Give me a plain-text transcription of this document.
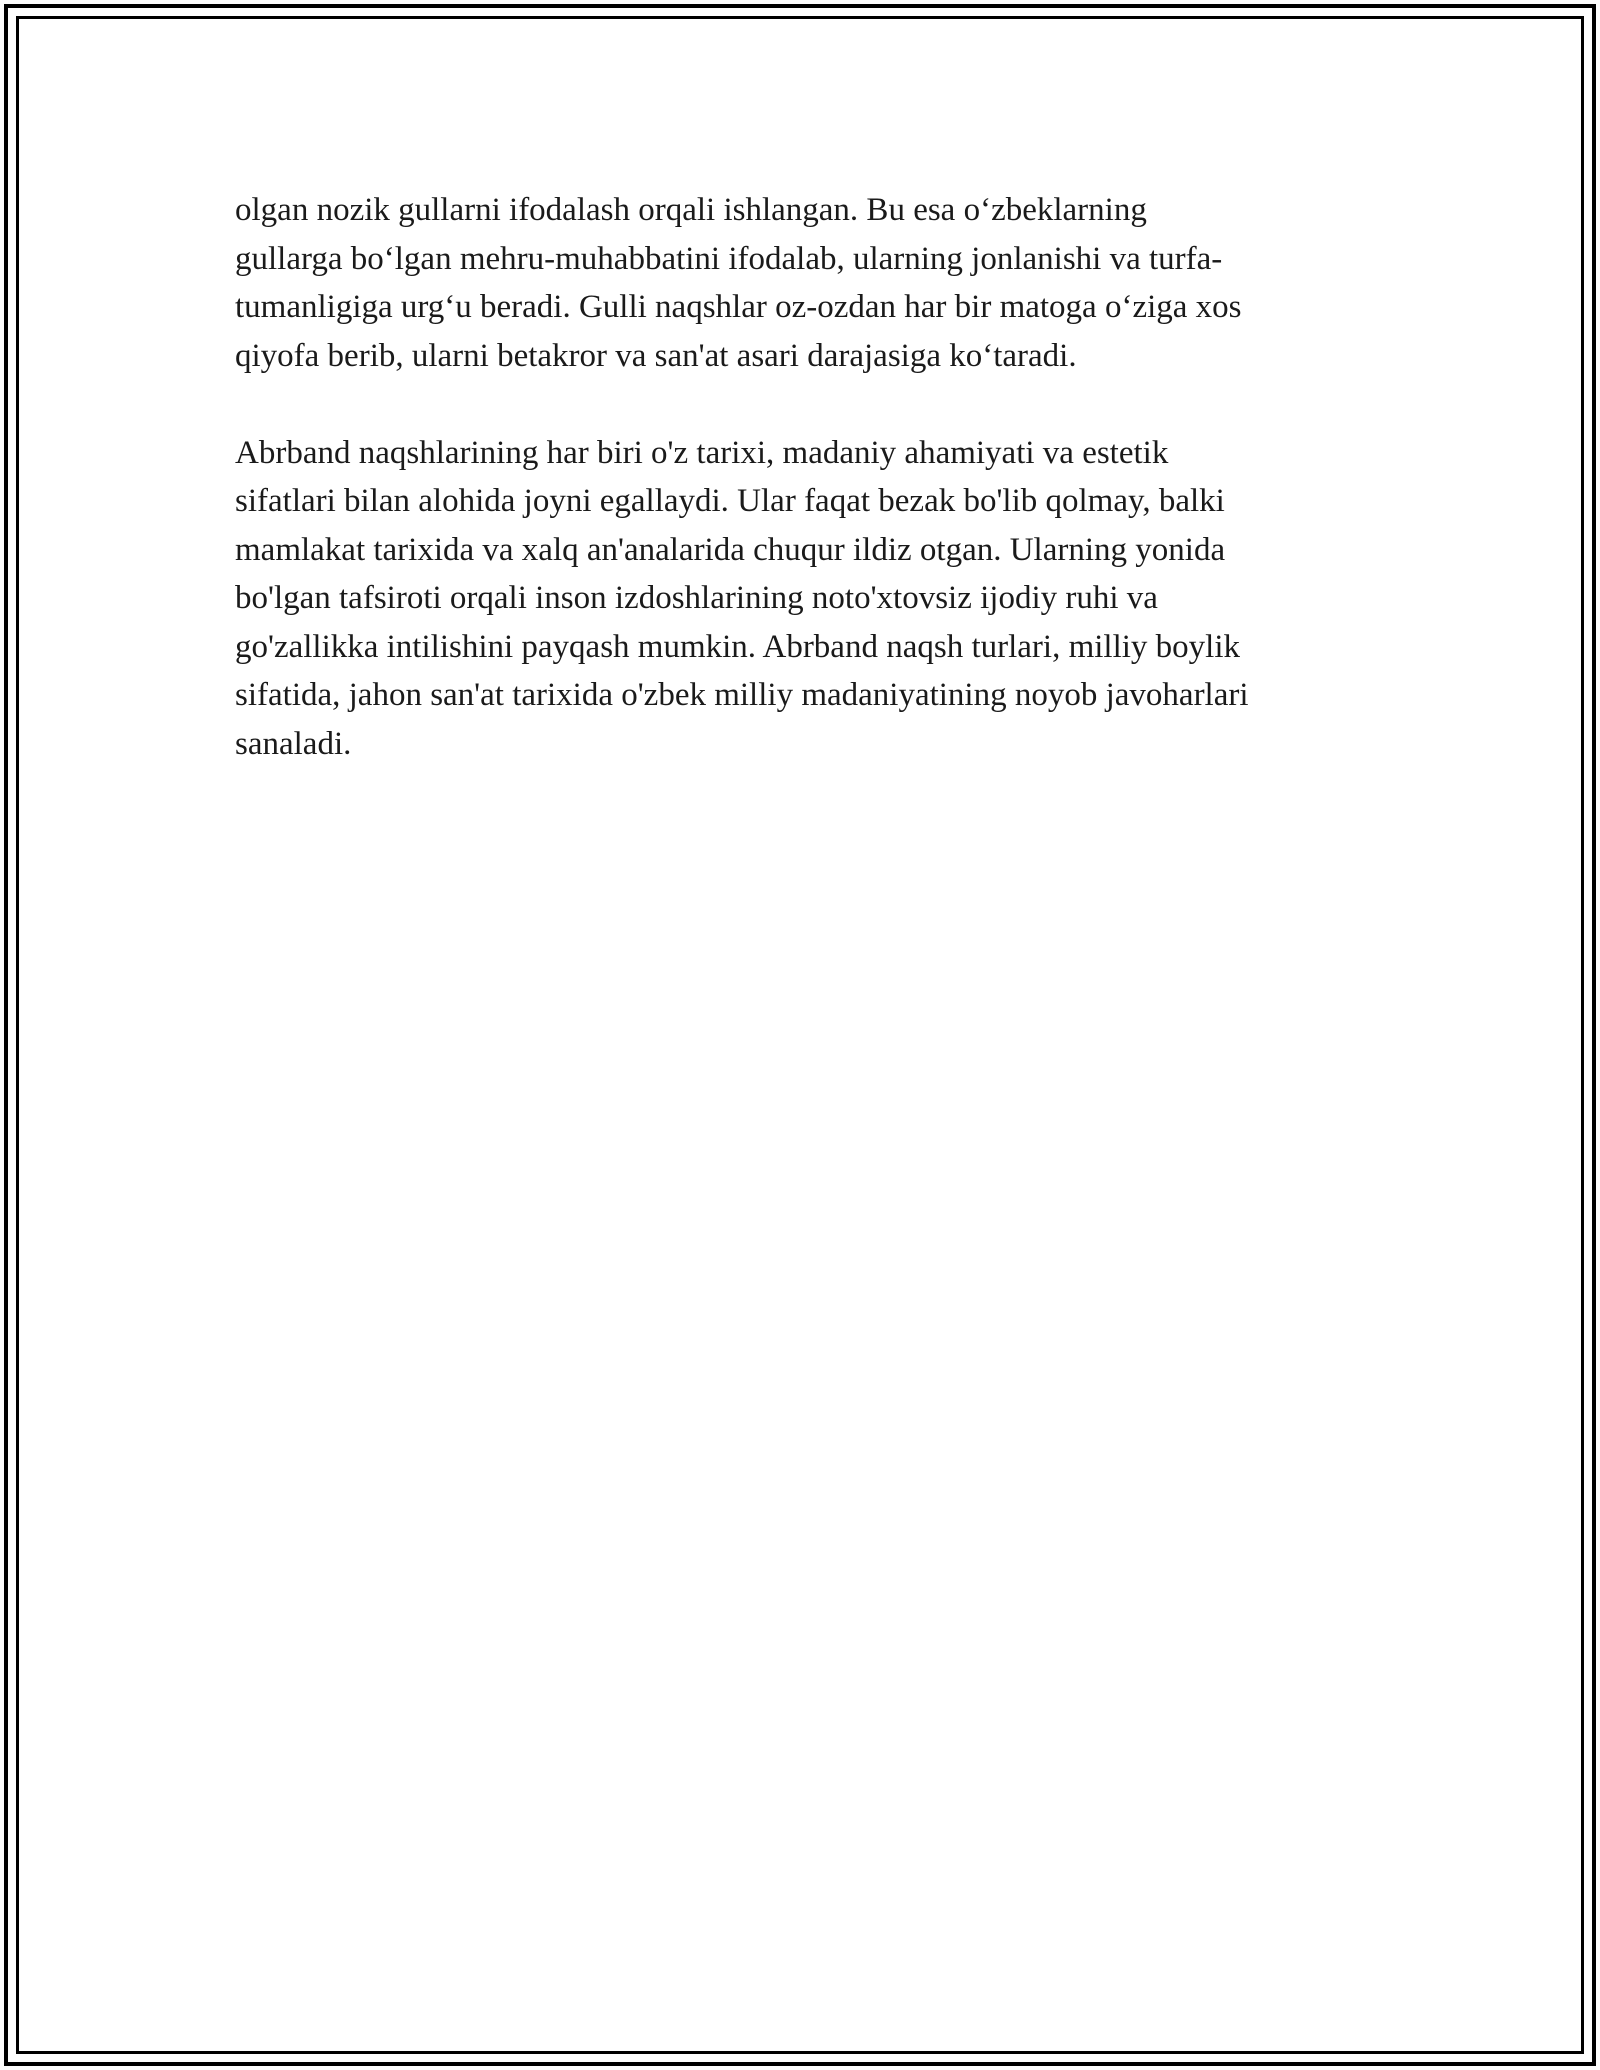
olgan nozik gullarni ifodalash orqali ishlangan. Bu esa o‘zbeklarning
gullarga bo‘lgan mehru-muhabbatini ifodalab, ularning jonlanishi va turfa-
tumanligiga urg‘u beradi. Gulli naqshlar oz-ozdan har bir matoga o‘ziga xos
qiyofa berib, ularni betakror va san'at asari darajasiga ko‘taradi.

Abrband naqshlarining har biri o'z tarixi, madaniy ahamiyati va estetik
sifatlari bilan alohida joyni egallaydi. Ular faqat bezak bo'lib qolmay, balki
mamlakat tarixida va xalq an'analarida chuqur ildiz otgan. Ularning yonida
bo'lgan tafsiroti orqali inson izdoshlarining noto'xtovsiz ijodiy ruhi va
go'zallikka intilishini payqash mumkin. Abrband naqsh turlari, milliy boylik
sifatida, jahon san'at tarixida o'zbek milliy madaniyatining noyob javoharlari
sanaladi.
